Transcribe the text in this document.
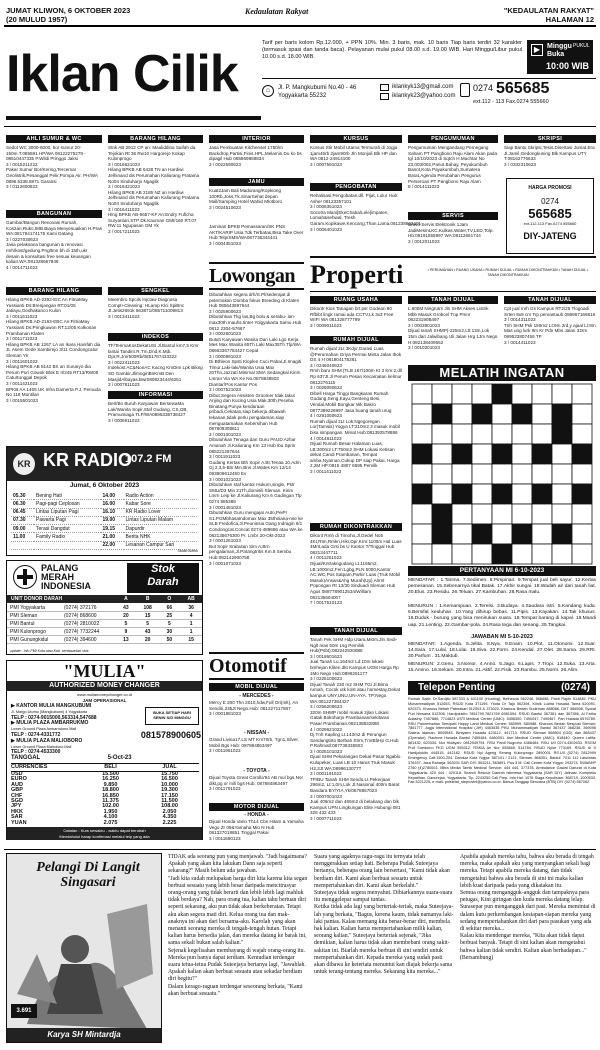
JUMAT KLIWON, 6 OKTOBER 2023
(20 MULUD 1957)
Kedaulatan Rakyat	"KEDAULATAN RAKYAT"
HALAMAN 12
Iklan Cilik
Tarif per baris kolom Rp.12.000, + PPN 10%. Min. 3 baris, mak. 10 baris Tiap baris terdiri 32 karakter (termasuk spasi dan tanda baca). Pelayanan mulai pukul 08.00 s.d. 19.00 WIB. Hari Minggu/Libur pukul 10.00 s.d. 18.00 WIB.
▶ Minggu
Buka
PUKUL
10:00 WIB
⌂	Jl. P. Mangkubumi No.40 - 46
Yogyakarta 55232
iklankyk13@gmail.com
iklankyk23@yahoo.com
0274 565685
ext.112 - 113 Fax.0274 555660
AHLI SUMUR & WC
Sedot WC 3000-6000, bor sumur 20-150m.T.085591 HP/WA 08122275279 - 08510447335 P.Wildi Pringgo Jaksi
3 / 0015211222
Pakar Sumur Bor/Kering,Tercemar Geolistrik,Pesanggal Pelir,Pompa Air. PH/WA 0896.5338.8871 Garansi
3 / 0112600823
BANGUNAN
Gambar/Bangun Renovasi Rumah, Kos2an,Ruko,IMB.Biaya Menyesuaikan H.Pras WA:081764174175 Kami Datang
3 / 0227030623
Jasa pelaksana bangunan & renovasi rmh/kost/gedung.Pngltmn bh di 15th,ukr desain & konsultasi free sesuai keuangan kalian.WA:081328667846
4 / 0014711023
BARANG HILANG
Hilang BPKB AD-2392-EIC An FitriaMay Yussianti Ds:Brenjangan RT:01/05 Jatiayu,Gedhakanco Kulon
3 / 0011611023
Hilang BPKB AD-2163-EBC An:FitriaMay Yussianti Ds:Pringkuwon RT:12/05 Kolkosan Prambanan Klaten
3 / 0011711023
Hilang BPKB AB 1267 LA an Ikara Hanifah dia JL Asem Gede Sambirejo 3/11 Condongcatur Sleman Yk
3 / 0011601023
Hilang BPKB AB 8142 BX an Sunaryo dia Perum Puri Gowok Blok E II/245 RT13/RW05 Caturtunggal Depok
3 / 0011421023
BPKB AA 1465 UK Infra Damerta P.J. Pemuda No 118 Muntilan
3 / 0015501023
BARANG HILANG
Stnk AB 2912 CP an: Mauliddina Saifah da. Tejokan Rt 36 Rw10 Hargorejo Kokap Kulonprogo
3 / 0016621023
Hilang BPKB AB 6428 TN an Hardiwi Jelhinand dis Perumahan Kaliurang Pratama No04 Sinduharjo Ngaglik
3 / 0016421023
Hilang BPKB AB 2185 NZ an Hardiwi Jelhinand dis Perumahan Kaliurang Pratama No04 Sinduharjo Ngaglik
3 / 0016411023
Hlng BPKB AB-6657-KF An:Endry Fuficha Suryantari,STP Dk.Kauman GMI/160 RT.07 RW.11 Ngupasan GM Yk
3 / 0017211023
SENGKEL
Meembro Spcils Injctaw Diagnosa Compt+Cleaning: HLamp Klci SpiBnc Jl.Jetis2691k 563871/085711009813
3 / 0013411023
INDEKOS
TF/TerimaKosDekatUSI Jl.Bantul km7,5 Kmr lantai Tandim.R.Tm,Dnd,K.Mdi. Dpr,R,Jmr500Rb/0851767433322
3 / 0022411023
Indekost AC&NonAC Kacng KmDim Lpk Bikng SD Gambir,JlimogiriBnKmB Den MasjidAlbayas.Bwr080823444/6251
3 / 0007811023
INFORMASI
Berl/Bo Buruh Karyawan BersewaMa Lak/Wanita Sopir,Staf Gudang, CS,OB, Pramumiaga TLP/WA0895338738427
3 / 0006911023
KR KR RADIO
107.2 FM
Jumat, 6 Oktober 2023
05.30	Bening Hati	14.00	Radio Action
06.30	Pagi-pagi Ceplosan	16.00	Kabar Sore
06.45	Lintas Liputan Pagi	16.10	KR Radio Lover
07.30	Pawarta Pagi	19.00	Lintas Liputan Malam
09.00	Terasi Dangdut	19.15	Dapurdir
11.00	Family Radio	21.00	Berita NHK
		22.00	Lesanan Campur Sari
Studio Action
PALANG
MERAH
INDONESIA
Stok
Darah
UNIT DONOR DARAH	A	B	O	AB
PMI Yogyakarta	(0274) 372176	43	108	66	36
PMI Sleman	(0274) 868600	20	15	25	4
PMI Bantul	(0274) 2810022	5	5	5	1
PMI Kulonprogo	(0274) 7732244	9	43	30	1
PMI Gunungkidul	(0274) 394600	13	20	50	15
update : Info PMI Kota atau Kab. berdasarkan stok
"MULIA"
AUTHORIZED MONEY CHANGER
www.muliamoneychanger.co.id
JAM OPERASIONAL
▶ KANTOR MULIA MANGKUBUMI
Jl. Margo Utomo (Mangkubumi) 4 Yogyakarta
TELP : 0274-9015000,563314,547688
▶ MULIA PLAZA AMBARRUKMO
Lower Ground Plaza Ambarrukmo Mall
TELP : 0274-4331772
▶ MULIA PLAZA MALIOBORO
Lower Ground Plaza Malioboro Mall
TELP : 0274-4533300
BUKA SETIAP HARI SENIN S/D MINGGU
081578900605
TANGGAL	5-Oct-23
CURRENCIES	BELI	JUAL
USD	15.500	15.750
EURO	16.250	16.500
AUD	9.850	10.000
GBP	18.800	19.300
CHF	16.850	17.150
SGD	11.375	11.500
JPY	102.00	108.00
HKK	1.950	2.050
SAR	4.100	4.350
YUAN	2.075	2.225
Catatan : Kurs sewaktu - waktu dapat berubah
Mendahului harap konfirmasi melalui telp yang ada
INTERIOR
Jasa Pembuatan Kitchenset 1750/m Backdrop,Partisi,Finis.HPL,Melamin.Du ko bs dipagil Hub 085869888834
3 / 0022590623
JAMU
Kuat2Jam Bali Madurang/Kopkiong 100Rb,Joss,Tk.SinarSehat depan Mall/Samping Hotel Wahid Mlotboro
3 / 0024510623
Jaminan BPKB Pemassaran/SK PNS AKT/KARIP Usia Tdk Terbatas,Bisa Take Over Hub:Telp/SMS/WA087736344441
3 / 0004351023
Lowongan
Dibutuhkan segera drh/S.Pl/sederajat di peternakan Domba fokus Breeding di Klaten Hub 085643897644
3 / 0025900623
Dibutuhkan Tkg las,Bg bolu & serabu- lan-max30th mauhs.tinter Yolgyakarta Samu.Hub 0812 2304-57667
3 / 0002601023
Butuh Karyawan Wanita Dan Laki Lgo Kerja Mes Max Wanita 65Th Laki Max35Th Tlp/WA 08663367784427 Cepat
3 / 0000991023
Di Bthleon Spsti Kloplen Cuci Pabal,Jl.Imagiti Timur,Laki-laki/Wanita Usia Max 20Thn,Jazzati Minimal SMA Sedangkal.Kirim Lmran Via WA Ke No.0878848502 Diantar/Pos Kantor Pos
3 / 0007521023
Dibut.Segera Assisten Groomer tdak takut Anjing dan Kucing Usia Mak.30th,Peceba Binatang,Punya kendaraan pribadi,Cekatan,siap bekerja dibawah tekanan,tidak perlu pengalaman,siap menguatamakan Kebersihan Hub 087809308811
3 / 0001001023
Dibutuhkan Tenaga dan Guru PAUD Azhar Amanah Jl.Kaliurang Km 13 Hub Ibu Sprin 085221297644
3 / 0011911023
Gudang Kertas Bth Sopir A.Bt.Tenaa 10,Adm Gj 2,3,5-Bln Min,Bns Jl.Wates Km 12/14 083806612450 Ev
3 / 0001021023
Dibutuhkan staf kantor Hukum,single, Pstr SMU/D3 Min 21Th,domisili Sleman. Kirim Lmrn Leip ke Jl.Kaliurang Km 6 Gadingan Tlp 0274 885386
3 / 0001481023
Dibutuhkan Guru mengajar Auto,PeiPr S1.PGMbhasaIndomax Max 35thiriana-nse ke SLB Fredofica,Jl.Peuninsia Gang Indragiri 6/1 Condongcat.Concat 0274-489686 atau WA ke 082135676300 Pr. Lmbr 20-Okt-2023
3 / 0001261023
But Sopir Srabutan Sim A,Brn pengalaman,Jl.Parangtritis Km.8 Sembu Hub:082142900758
3 / 0001071023
Otomotif
MOBIL DIJUAL
- MERCEDES -
Mercy E 200 Thn 2010,hdw,Full Ori(mlt), An Sendiri,235Jt Nego.Hub: 081227117887
3 / 0001881023
- NISSAN -
Grand Livina17.LS MT Km70rb, Tgn1,Silver, Mobil Bgs Hub: 087884863497
3 / 0011951023
- TOYOTA -
Dijual Toyota Great Corolla'94 AB mul bgs,Nor dikt,pg or mili bgs Hub: 087884863497
3 / 0011791023
MOTOR DIJUAL
- HONDA -
Dijual Honda Vario Th14 Cbs Hitam & Yamaha Vego Zr 09&Yamaha Mio N Hub 081327018651 Tinggal Pakai
3 / 0011690123
KURSUS
Kursus Stir Mobil Utama Termurah di Jogja 1jam45rb 2jam90rb Jln Monjali Blk HP dan WA 0812-24914100
3 / 0007591023
PENGOBATAN
Rehalisasi,Pengobatan,dll. Pijat, Lulur Hub: Asher 08123357101
3 / 0006351023
Socotra Mani[EkeChaba/Lele]impaten, Lomah&sehwal, Tresh Garam.Kopikawe,Kencang,Than,Lama.081238663401
3 / 0006401023
Properti	• PERUMAHAN • RUANG USAHA • RUMAH DIJUAL • RUMAH DIKONTRAKKAN • TANAH DIJUAL • TANAH DIKONTRAKKAN
RUANG USAHA
Dikontr Kios Tanagan brt psr Godean 80
Rfbibt lingk ramai ada CCTV,Lk 3x3 Free WIFI WA 081328777799
3 / 0009011023
RUMAH DIJUAL
Rumah dijual 2Lt 3Kdyr,Garasi Luas @Perumahan Griya Permai Minta Jalan Ibok DS 4 H 081904178281
3 / 0246040623
Rmh baru SHM (TLB 167/100m Kt 3 Km:2,dll Rp 637Jt Jl Perum Pesan Kecamatan kelmur 0812276115
3 / 0026050623
Dibell Harga Tinggi Bangkaran Rumah Gudang,Seng,Kayu,Genteng Besi, Vendal,Mobil Bongkar Wk Bakro 0877389226997 Jasa buang tanah urug
4 / 0291050623
Rumah dijual 2Lt Lok:Ngegoregan Lor(Tamsis) Yogya LT:210m2 3 masuk mobil bisa simpangan. Minat Hub:081392578886
4 / 0014811023
Dijual Rumah Besar Halaman Luas, LB:300m2 LT:750m2 SHM Lokasi Ketisan dekat Candi Prambanan, Tempat amba,Nyaman.Cukup DP siap Pakai, Harga 2,2M HP:0815 4807 6595 Pemilk
3 / 0011411023
RUMAH DIKONTRAKKAN
Dikont Rmh di Timoho,Jl.Gedel No5 4Kt,Rtm,Rmkn,Hikr,Dpr,Krm:1100m Hal Luas 4Mnt,ada Grsi bs U Kantor T/Tinggal Hub 08213447711
4 / 0011251023
Dijual/Kntrakngudang Lt.1165m2, LB:1000m2,Fen:Lgbg,PLN 5000,Kantor AC,WC,Pos Satpam,Parkir Luas (Truk Mobil Masuk)Ansan&Ahg Murah(Up) Alrmt Popongan Rt 13/30 Sinduadi Sleman Hub Agus 0897789012534/William 082135604007
7 / 0017510123
TANAH DIJUAL
Tanah Pek SHM Hdp Utara,Mi0m,Jln Sedi-Nglt mas 50m Lsg Pemiliik Hub(Psbt):082242920885
3 / 0018601623
Jual Tanah Lu.164m2 Ld:10m lokasi bmhejan Kliten dkt Kampus UGM Harga Rp 1Mo Nego Hub:0896251177
3 / 0225100623
Dijual Tanah 230 m2 SHM TGi Jl.Bimo rumah, Cocok utk kost atau homestay,Dekat kampus UNY,UNU,UN-AYA. TP:Nego WA:081227384427
3 / 0256200623
320m SHMP mobil masuk 2jlan Lokasi Gatak Bokoharjo Prambanan/sekitaran Pasar Prambanan.082138832888
4 / 0029621023
Dj Tnh Kapling Lt.143m2 di Perungun Sendangtirto Berbah Strm,TmrBbHp G.Hub P.Rahmatl:087738336503
3 / 0025101023
Djual SHM Pekarangan Dekat Pasar Ngablo Kulupeker, Luas LB 10 Harus Truk Masuk H2,3Jt WA:0899613077T
3 / 0001191023
TP/BU Tanah SHM Sendo.Lt.Pekerjaan 296m2, Lt:1,0m,Lok Jl.Nasional 400m Barat Bandara BY/YIA,Yk/0878857023
3 / 0007001023
Jual 406m2 dan 465m2 di belakang dan blk Kampus UPN Lingkungan Elite Hubungi 081 326 432 433
3 / 0007711023
PENGUMUMAN
Pengumuman Mengandang Pernegang Saham PT Pangbono Raju Alam Akan pada tgl 10/10/2023 di Sqtch H.Muchtar No 23,003/002,Panut Bahay, Peyukumbuh Banot,Kota Payakumbuh,Sumatera Barat,Agenda Perubahan Pengurus Perseroan PT Pangbono Raju Alam
8 / 0014111023
SERVIS
Bravo Servis Elektronik 1Jam JadiMesinLKC.Kulkas.Water,TV,LED,Tolp. Hb:08191555997 WA:08112651744
3 / 0012011023
TANAH DIJUAL
L 800M Ningrutm Jln SHM Akses Listrik Mbb Masuk Grobcel Tnp Pmnr 08223190B497
3 / 0003901023
Dijual tanah SHMP(-225m2,L0:13m,Lok 15m dari Jalwibang Uli Jalan Hrg 1Jm Nego H:082138409552
3 / 0010201023
SKRIPSI
Siap Bantu Skripsi,Tesis,Disertasi Jumat.Era Jl.Jamil,Gedongkuning Blk Kampus UTY T:08162776633
3 / 0332310623
HARGA PROMOSI
0274
565685
ext.112-113 Fax.0274 555660
DIY-JATENG
TANAH DIJUAL
Cpt jual mrh Gs Kampus RT2/25 Tlogoadi Srten 8x8 cm Trp pemantauh 086967166816
3 / 0014311023
Tnh SHM Psk 150m2 Lt:9m 2rd,y ajaal Lt:9m Mas ung lurk 9m Kr Pdn Mbs Jalan 32rm 089523807456 TP
3 / 0014411023
MELATIH INGATAN
PERTANYAAN MI 6-10-2023
MENDATAR : 1.Tanma. 7.Sedimen. 8.Pimpinan. 9.Tempat jual beli sayur. 12.Kertas pemesanan. 15.Sebenarnya tikal Batak. 17.Akhir sungai. 18.Wadah air dari tanah liat. 20.Elus. 23.Residu. 26.Teluan. 27.Kambuhan. 28.Rasa malu.
MENURUN : 1.Kemampuan. 2.Terelsi. 3.Budaya. 4.Saudara istri. 5.Kandang kuda. 6.Bersifat keuluhan. 10.Yang dihirup bebas. 11.Pipis. 13.Kayakan. 14.Tak khusus. 16.Duduk - burung yang bisa menirukan suara. 18.Tempat barang di kapal. 19.Mandi uap. 21.Lenting. 22.Gambar-pola. 24.Rasa tega dan senang. 25.Tangkai.
JAWABAN MI 5-10-2023
MENDATAR: 1.Agenda. 5.Jelita. 8.Nya. 9.Enam. 10.Plot. 11.Otonomi. 12.Suar. 14.Sara. 17.Lulai. 18.Lulai. 19.Siva. 22.Form. 24.Kendal. 27.Olet. 28.Sama. 29.RRI. 30.Parfum . 31.Maktub.
MENURUN: 2.Genu. 3.Nomor. 4.Anno. 5.Jago. 6.Lapis. 7.Tropi. 12.Suka. 13.Arta. 15.Amino. 16.Sekam. 20.Intra. 21.Aktif. 22.Fisik. 23.Rambu. 25.Norm. 26.Alim.
Telepon Penting	(0274)
Rumah Sakit: Dr.Sardjito 587333 & 631190 (Hunting), Bethesda 562246, 566688, Panti Rapih 514845, PKU Muhammadiyah 512653, RSUD Kota 371195. Ykota Dr Tajo 562394, Klinik Ludira Husada Tama 620091, 620373. Kharuus Betiah Patmasari 512003 & 373022, Kharuus Bedah Sudirman 888086, DKT 566598, Syaraf Puri Nirwana 512306. Hardjolukito 7851799,7821769 6981594. RSUD Bantul 367381 dan 367386, Al Fatha Adasiny. 7457886, 7714823 USTi Medical Center (UMC): 5456300. 7490047. 7490467. Pan Husada 6576789. RSU Panembahan Senopati Happy Land Medical Centre: 580999, 580988. Kharuus Bedah Nespust Sleman: 7851777 Jogja International Hospital (JIH) 4463535 PKU Muhammadiyah Bantul 367437 368238, 369096 Sakina Idaman: 8009545. Bintyaen Husada 423112, 441713. RSUD Sleman 868904 (IGD) dan 868437 (Operator). Rachme Husada Bantul 7459484, 6460091. Asri Medical Center (AMC): 618440. Queen Latifa: 581432, 620334. Nur Hidayah: 0812949794. RSU Panti Nugroho 4468484. RSU UII 0274-4302633. RSGM Prof Soedomo FKG UGM 555312. RSKIA An Nur 555848, 514784. RSUD Nyiur 773169. RSUD dr S Hardjolukito 444515, 442162. RSUD Nyi Ageng Serang Kulonprogo 2890001 RS.UII (0274) 2812999 Emergency Call:1500-204. Damkar Kota Yogya: 587101 / 2121, Sleman: 868351, Bantul: 7011 112 Lalulintas 376337. Jasa Raharja: 563031 SAR DIY: 563211, 563891, Pos 3 M. Call Center Kota Yogya: 293274, SWABHP 2760 (4)2780001. Mitra Media Tamik Medical Service: 444 444, 377378. Ambulance Gawat Darurat di Kota Yogyakarta: 420 444 ; 420118. Search Rescue Daerah Istimewa Yogyakarta (SAR DIY) Jalinasi. Kompleks Kepatihan, Danurejan, Yogyakarta, Tlp. 2243250 Call Prep. Info Hal. 1076 Siaga Kepolisian: 368719, 1000533, Fax:3221225, e-mail: polsietat_steprovinl@yahoo.co.id. Banua Tanggap Bencana (BTB) DIY (0274) 587062
Pelangi Di Langit Singasari
3.691
Karya SH Mintardja
TIDAK ada seorang pun yang menjawab. "Jadi bagaimana? Apakah yang akan kita lakukan Dann saja seperti sekarang?" Masih belum ada jawaban.
"Jadi kita sudah melupakan harga diri kita karena kita segan berbuat sesuatu yang lebih besar daripada mencitrasyar orang-orang yang tidak berarti dan lebih lebih lagi mahluk tidak berdaya? Nah, para orang tua, kalian tahu bertuan diri seperti sekarang, aku pun tidak akan berkeberatan. Tetapi aku akan segera mati diri. Kelua orang tua dan mak-anaknya ini akan dari bersama-aku. Karolah yang akan menanti seorang mereka di tengah-tengah hutan. Tetapi kalian harus bersedia jalan, dan mereka datang ke barak ini, sama sekali bukan salah kalian."
Sejenak kegelisahan membayang di wajah orang-orang itu. Mereka pun hanya dapat terdiam. Kemudian terdengar suara tetua-tetua Pudak Suteejaya bertanya lagi, "Jawablah. Apakah kalian akan berbuat sesuatu atau sekadar berdiam diri begitu?"
Dalam kerago-raguan terdengar seseorang berkata, "Kami akan berbuat sesuatu."
Suara yang agaknya ragu-ragu itu ternyata telah menggerakkan setiap hati. Beberapa Pudak Suteejaya bertanya, beberapa orang lain bersertasi, "Kami tidak akan berdiam diri. Kami akan berbuat sesuatu untuk mempertahankan diri. Kami akan berkelahi."
Suteejaya tidak segera menyahut. Dibiarkannya suara-suara itu menggelepar sampai tuntas.
Ketika tidak ada lagi yang berteriak-teriak, maka Suteejaya-lah yang berkata, "Bagus, kerena kaum, tidak namanya laki-laki pantas. Kalau memang kita benar-benar diri, membela hak kalian. Kalian harus mempertahankan milik kalian, seorang kalian." Suteejaya berteriak sejenak, "Jika demikian, kalian harus tidak akan membebani orang sakit-sakitan ini. Biarlah mereka berbuat di sini sendiri untuk mempertahankan diri. Kepada mereka yang sudah pasti akan dibawa ke ketertata menuntut kan diajak bekerja sama untuk terang-tentang mereka. Sekarang kita mereka..."
Apabila apakah mereka tahu, bahwa aku berada di tengah mereka, maka apakah aku yang menyangkan sekali bagi mereka. Tetapi apabila mereka datang, dan tidak mengetahui bahwa aku berada di sini ini maka kalian lebih kuat daripada pada yang dikatakan itu.
Semua orang mengangguk-angguk dan tampaknya para petugas, Kini giringan dan kuda mereka datang lelap. Surasepar pun mengangguk dari pasi. Mereka memintai di dalam kutu perkembangan kesiapan-siapan mereka yang sedang mempertahankan diri dari para pasukan yang ada di sekitar mereka...
Kalau kita mendengar mereka, "Kita akan tidak dapat berbuat banyak. Tetapi di sini kalian akan mengetahui bahwa kalian tidak sendiri. Kalian akan berhadapan..."
(Bersambung)
